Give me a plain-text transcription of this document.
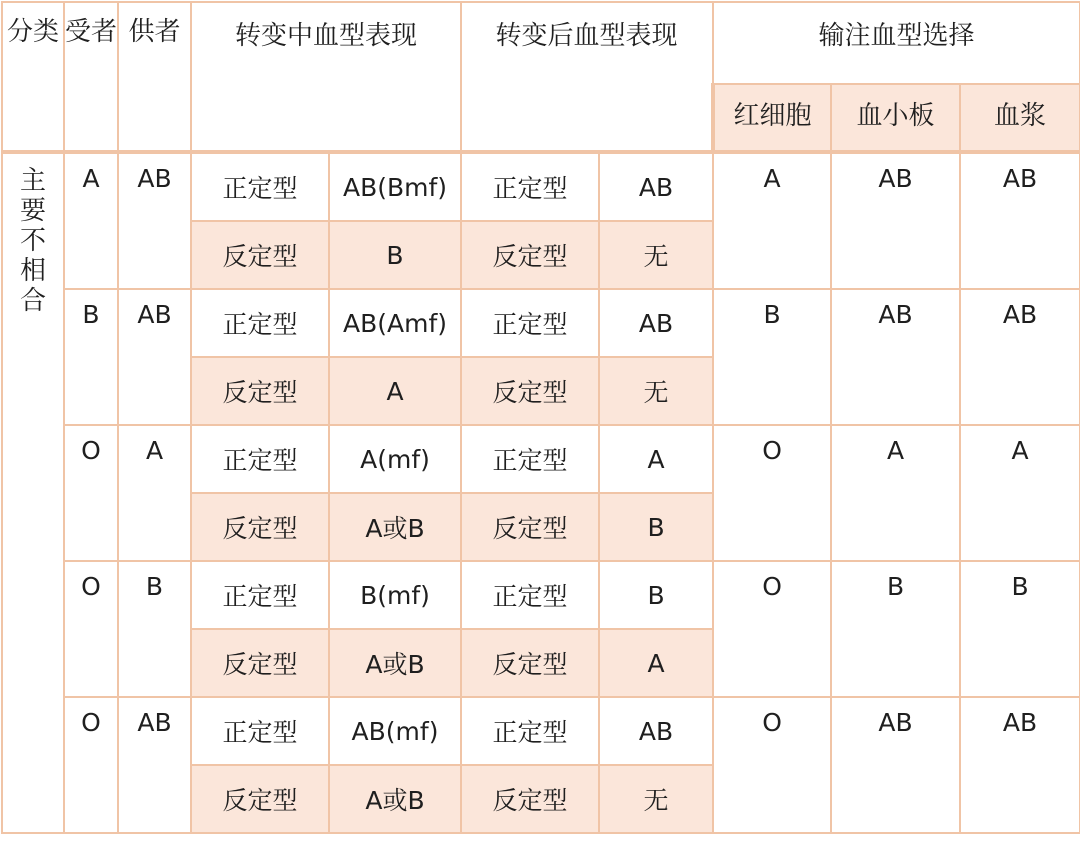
分类	受者	供者	转变中血型表现		转变后血型表现		输注血型选择		
							红细胞	血小板	血浆
主要不相合	A	AB	正定型	AB(Bmf)	正定型	AB	A	AB	AB
			反定型	B	反定型	无			
	B	AB	正定型	AB(Amf)	正定型	AB	B	AB	AB
			反定型	A	反定型	无			
	O	A	正定型	A(mf)	正定型	A	O	A	A
			反定型	A或B	反定型	B			
	O	B	正定型	B(mf)	正定型	B	O	B	B
			反定型	A或B	反定型	A			
	O	AB	正定型	AB(mf)	正定型	AB	O	AB	AB
			反定型	A或B	反定型	无			
